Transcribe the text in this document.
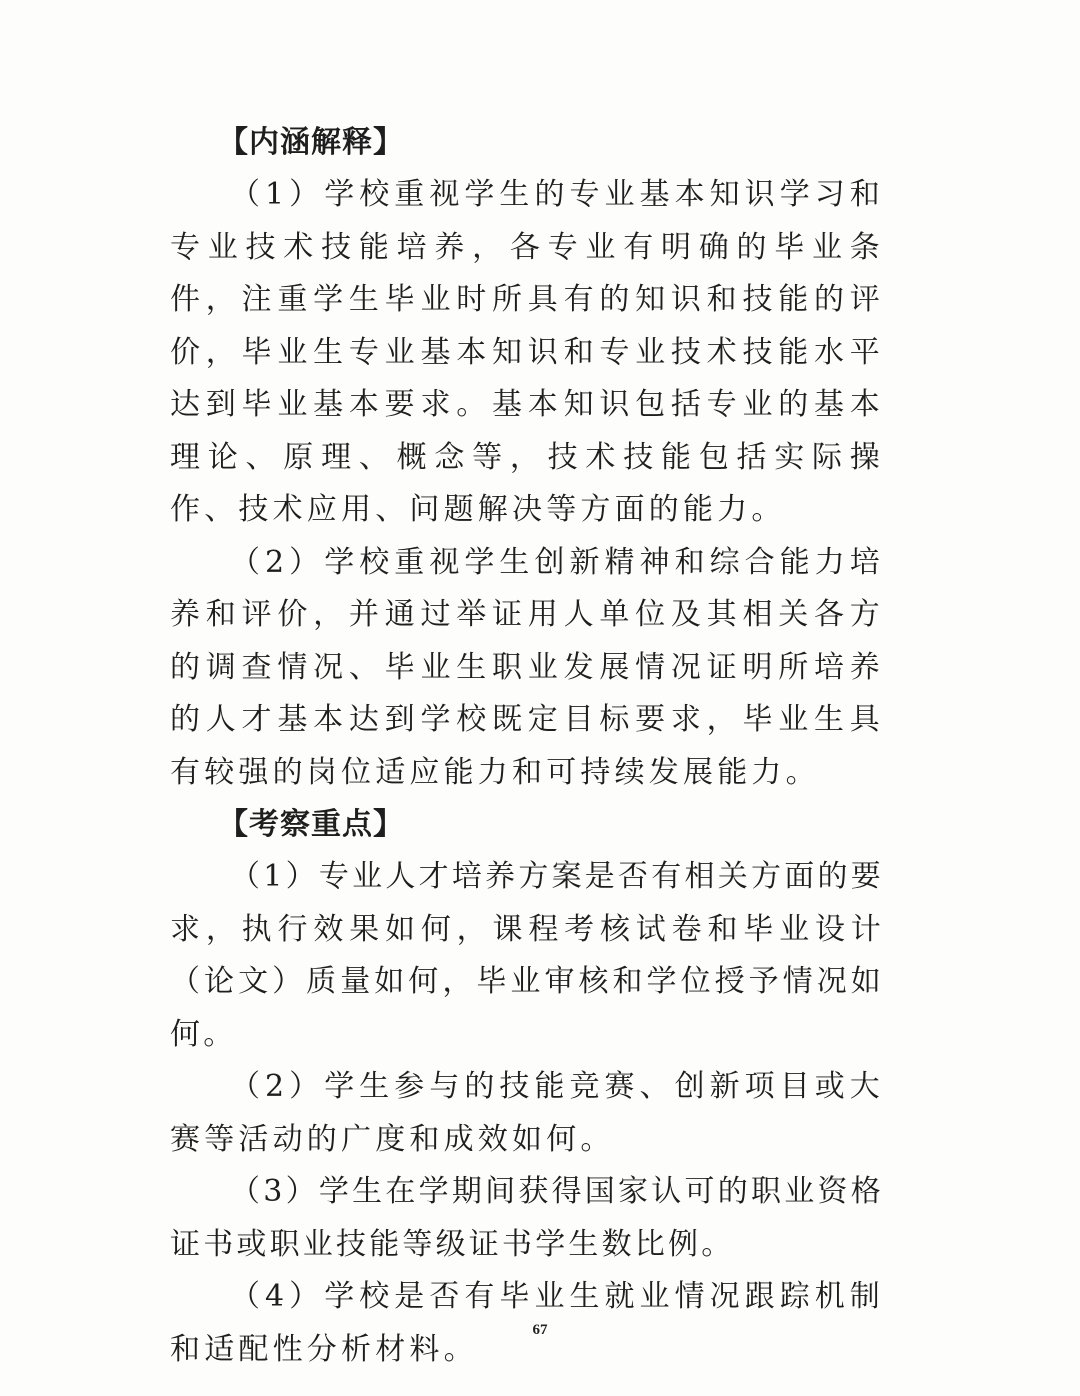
【内涵解释】

（1）学校重视学生的专业基本知识学习和专业技术技能培养，各专业有明确的毕业条件，注重学生毕业时所具有的知识和技能的评价，毕业生专业基本知识和专业技术技能水平达到毕业基本要求。基本知识包括专业的基本理论、原理、概念等，技术技能包括实际操作、技术应用、问题解决等方面的能力。

（2）学校重视学生创新精神和综合能力培养和评价，并通过举证用人单位及其相关各方的调查情况、毕业生职业发展情况证明所培养的人才基本达到学校既定目标要求，毕业生具有较强的岗位适应能力和可持续发展能力。

【考察重点】

（1）专业人才培养方案是否有相关方面的要求，执行效果如何，课程考核试卷和毕业设计（论文）质量如何，毕业审核和学位授予情况如何。

（2）学生参与的技能竞赛、创新项目或大赛等活动的广度和成效如何。

（3）学生在学期间获得国家认可的职业资格证书或职业技能等级证书学生数比例。

（4）学校是否有毕业生就业情况跟踪机制和适配性分析材料。

67
